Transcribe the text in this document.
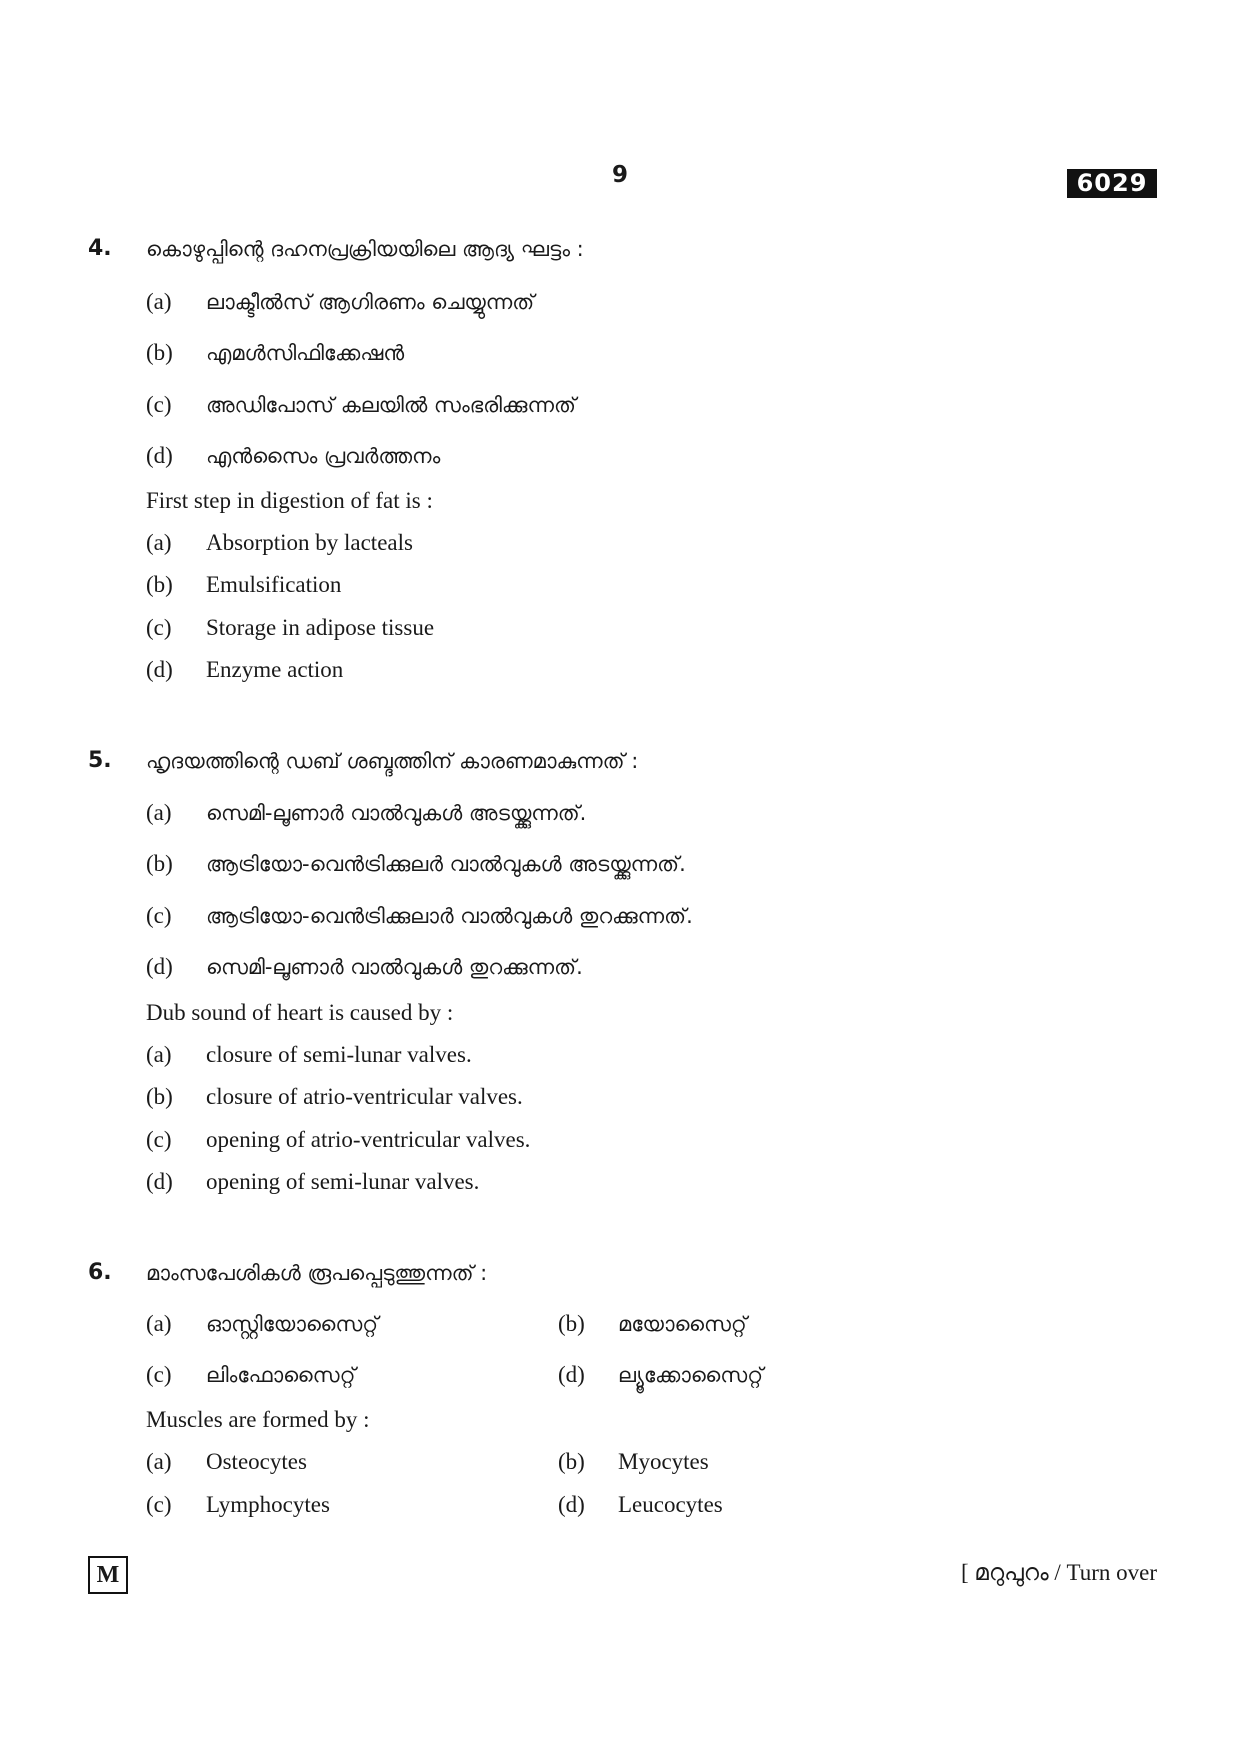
9	6029
4. കൊഴുപ്പിന്റെ ദഹനപ്രക്രിയയിലെ ആദ്യ ഘട്ടം :
(a) ലാക്ടീൽസ് ആഗിരണം ചെയ്യുന്നത്
(b) എമൾസിഫിക്കേഷൻ
(c) അഡിപോസ് കലയിൽ സംഭരിക്കുന്നത്
(d) എൻസൈം പ്രവർത്തനം
First step in digestion of fat is :
(a) Absorption by lacteals
(b) Emulsification
(c) Storage in adipose tissue
(d) Enzyme action
5. ഹൃദയത്തിന്റെ ഡബ് ശബ്ദത്തിന് കാരണമാകുന്നത് :
(a) സെമി-ലൂണാർ വാൽവുകൾ അടയ്ക്കുന്നത്.
(b) ആട്രിയോ-വെൻട്രിക്കുലർ വാൽവുകൾ അടയ്ക്കുന്നത്.
(c) ആട്രിയോ-വെൻട്രിക്കുലാർ വാൽവുകൾ തുറക്കുന്നത്.
(d) സെമി-ലൂണാർ വാൽവുകൾ തുറക്കുന്നത്.
Dub sound of heart is caused by :
(a) closure of semi-lunar valves.
(b) closure of atrio-ventricular valves.
(c) opening of atrio-ventricular valves.
(d) opening of semi-lunar valves.
6. മാംസപേശികൾ രൂപപ്പെടുത്തുന്നത് :
(a) ഓസ്റ്റിയോസൈറ്റ്	(b) മയോസൈറ്റ്
(c) ലിംഫോസൈറ്റ്	(d) ല്യൂക്കോസൈറ്റ്
Muscles are formed by :
(a) Osteocytes	(b) Myocytes
(c) Lymphocytes	(d) Leucocytes
M	[ മറുപുറം / Turn over
